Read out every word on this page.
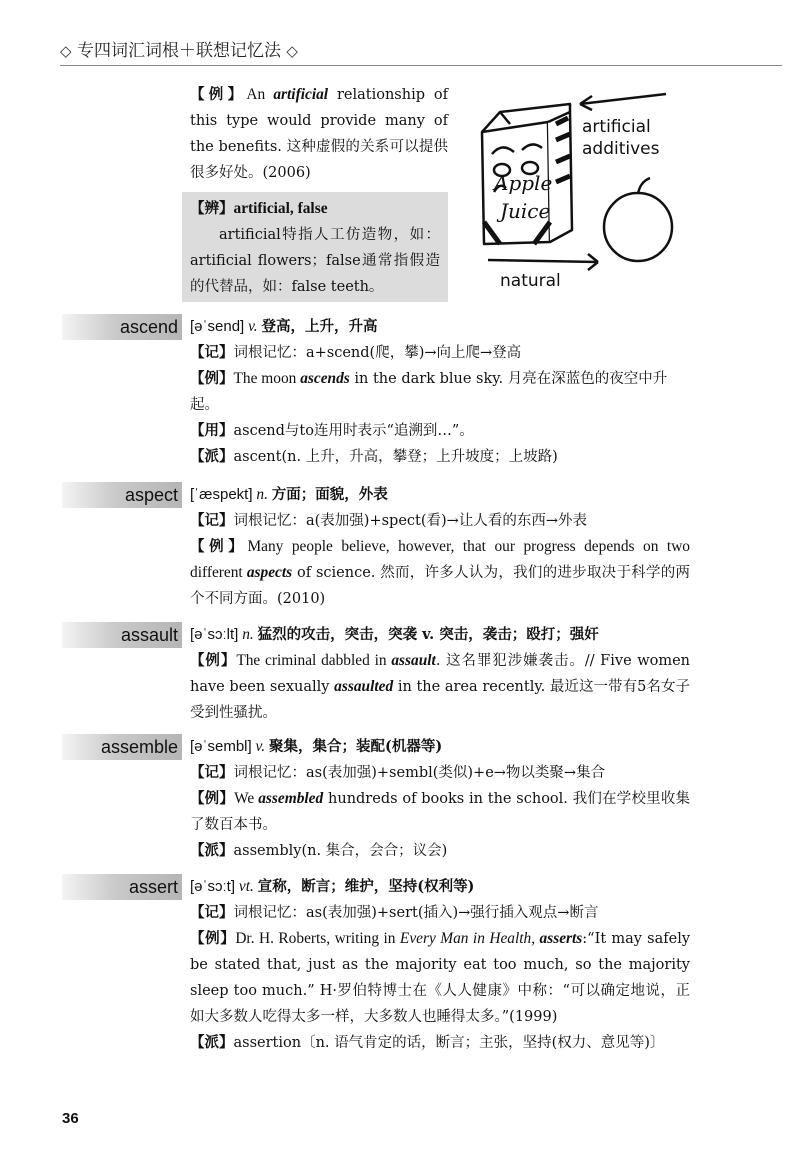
◇ 专四词汇词根＋联想记忆法 ◇
【例】An artificial relationship of this type would provide many of the benefits. 这种虚假的关系可以提供很多好处。(2006)
【辨】artificial, false
artificial特指人工仿造物，如：artificial flowers；false通常指假造的代替品，如：false teeth。
artificial
additives
Apple
Juice
natural
ascend [əˈsend] v. 登高，上升，升高
【记】词根记忆：a+scend(爬，攀)→向上爬→登高
【例】The moon ascends in the dark blue sky. 月亮在深蓝色的夜空中升起。
【用】ascend与to连用时表示“追溯到…”。
【派】ascent(n. 上升，升高，攀登；上升坡度；上坡路)
aspect [ˈæspekt] n. 方面；面貌，外表
【记】词根记忆：a(表加强)+spect(看)→让人看的东西→外表
【例】Many people believe, however, that our progress depends on two different aspects of science. 然而，许多人认为，我们的进步取决于科学的两个不同方面。(2010)
assault [əˈsɔːlt] n. 猛烈的攻击，突击，突袭 v. 突击，袭击；殴打；强奸
【例】The criminal dabbled in assault. 这名罪犯涉嫌袭击。// Five women have been sexually assaulted in the area recently. 最近这一带有5名女子受到性骚扰。
assemble [əˈsembl] v. 聚集，集合；装配(机器等)
【记】词根记忆：as(表加强)+sembl(类似)+e→物以类聚→集合
【例】We assembled hundreds of books in the school. 我们在学校里收集了数百本书。
【派】assembly(n. 集合，会合；议会)
assert [əˈsɔːt] vt. 宣称，断言；维护，坚持(权利等)
【记】词根记忆：as(表加强)+sert(插入)→强行插入观点→断言
【例】Dr. H. Roberts, writing in Every Man in Health, asserts:“It may safely be stated that, just as the majority eat too much, so the majority sleep too much.” H·罗伯特博士在《人人健康》中称：“可以确定地说，正如大多数人吃得太多一样，大多数人也睡得太多。”(1999)
【派】assertion〔n. 语气肯定的话，断言；主张，坚持(权力、意见等)〕
36
